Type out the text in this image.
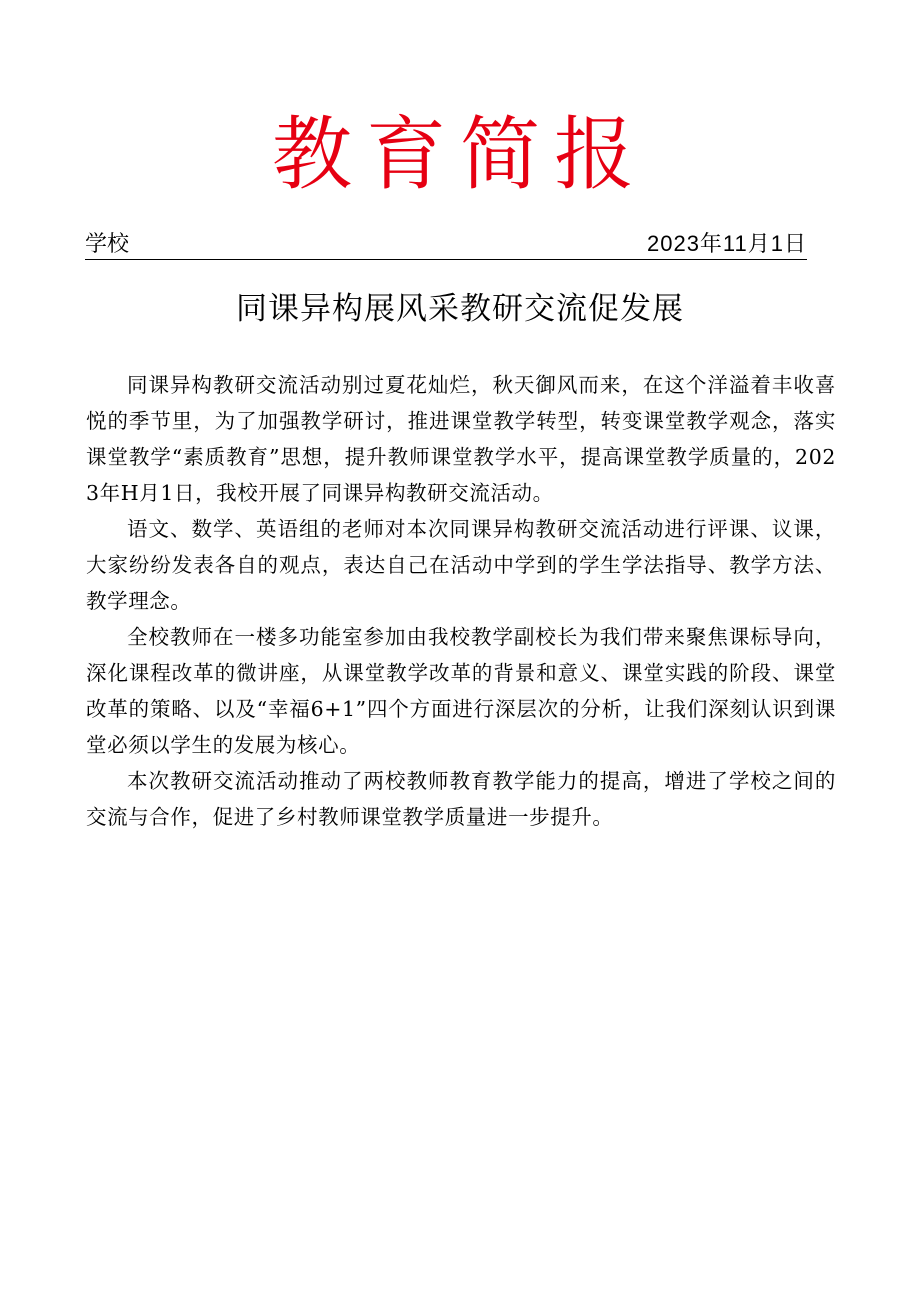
教育简报
学校	2023年11月1日
同课异构展风采教研交流促发展

同课异构教研交流活动别过夏花灿烂，秋天御风而来，在这个洋溢着丰收喜悦的季节里，为了加强教学研讨，推进课堂教学转型，转变课堂教学观念，落实课堂教学“素质教育”思想，提升教师课堂教学水平，提高课堂教学质量的，2023年H月1日，我校开展了同课异构教研交流活动。

语文、数学、英语组的老师对本次同课异构教研交流活动进行评课、议课，大家纷纷发表各自的观点，表达自己在活动中学到的学生学法指导、教学方法、教学理念。

全校教师在一楼多功能室参加由我校教学副校长为我们带来聚焦课标导向，深化课程改革的微讲座，从课堂教学改革的背景和意义、课堂实践的阶段、课堂改革的策略、以及“幸福6+1”四个方面进行深层次的分析，让我们深刻认识到课堂必须以学生的发展为核心。

本次教研交流活动推动了两校教师教育教学能力的提高，增进了学校之间的交流与合作，促进了乡村教师课堂教学质量进一步提升。
